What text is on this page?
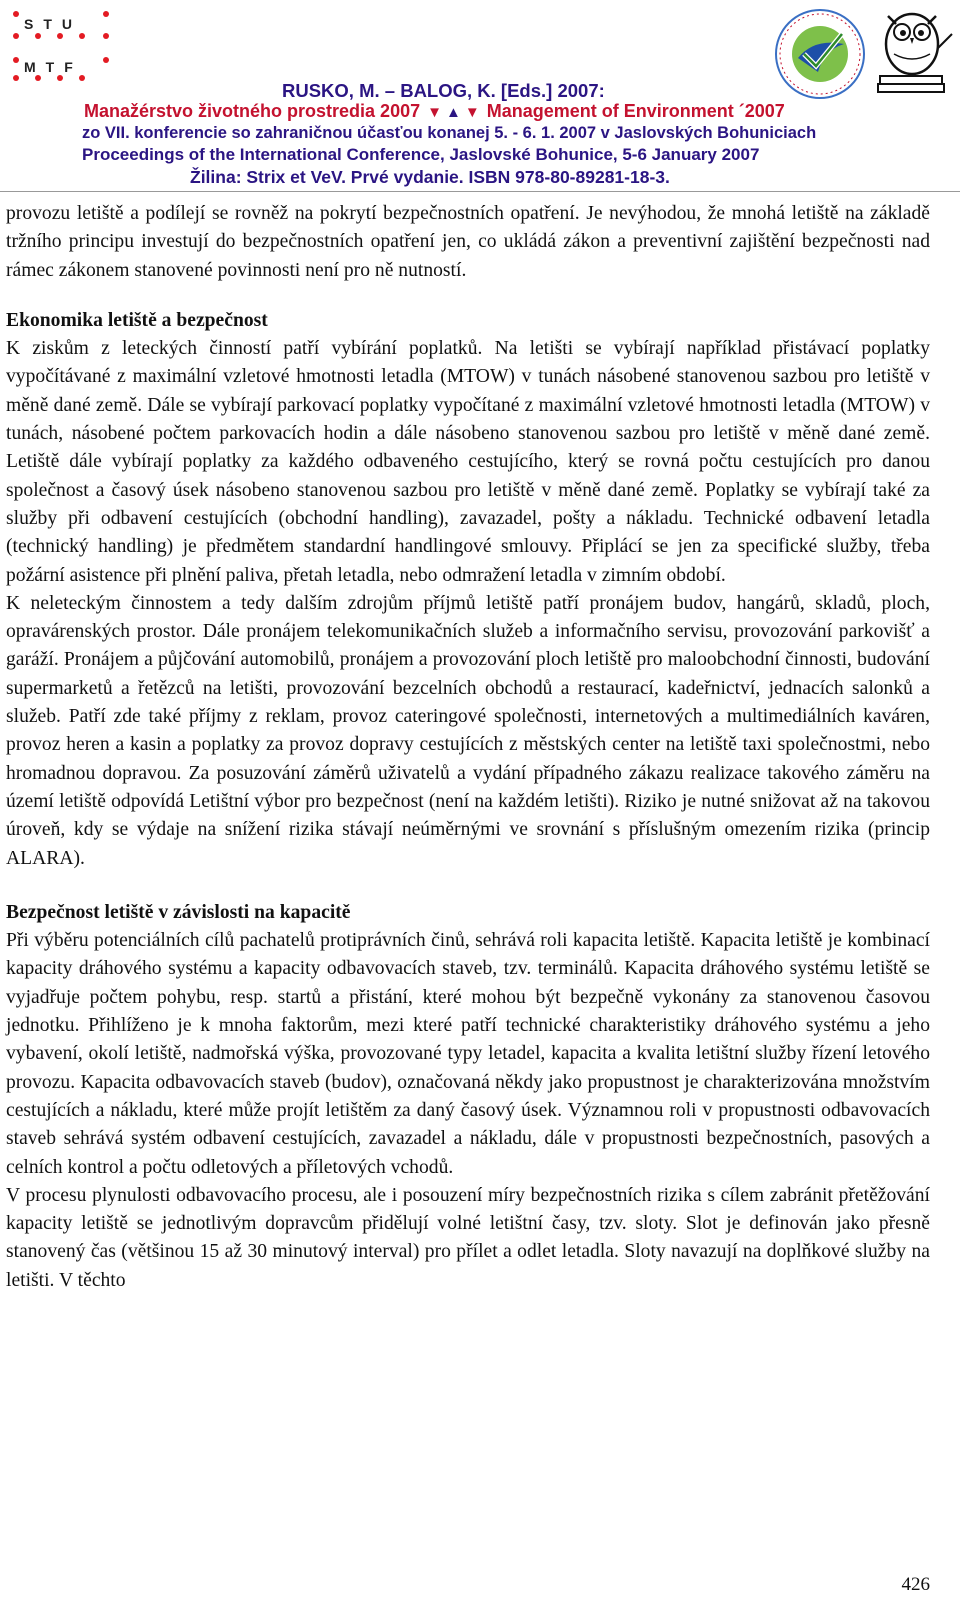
STU
MTF
RUSKO, M. – BALOG, K. [Eds.] 2007:
Manažérstvo životného prostredia 2007 ▼ ▲ ▼ Management of Environment ´2007
zo VII. konferencie so zahraničnou účasťou konanej 5. - 6. 1. 2007 v Jaslovských Bohuniciach
Proceedings of the International Conference, Jaslovské Bohunice, 5-6 January 2007
Žilina: Strix et VeV. Prvé vydanie. ISBN 978-80-89281-18-3.

provozu letiště a podílejí se rovněž na pokrytí bezpečnostních opatření. Je nevýhodou, že mnohá letiště na základě tržního principu investují do bezpečnostních opatření jen, co ukládá zákon a preventivní zajištění bezpečnosti nad rámec zákonem stanovené povinnosti není pro ně nutností.

Ekonomika letiště a bezpečnost

K ziskům z leteckých činností patří vybírání poplatků. Na letišti se vybírají například přistávací poplatky vypočítávané z maximální vzletové hmotnosti letadla (MTOW) v tunách násobené stanovenou sazbou pro letiště v měně dané země. Dále se vybírají parkovací poplatky vypočítané z maximální vzletové hmotnosti letadla (MTOW) v tunách, násobené počtem parkovacích hodin a dále násobeno stanovenou sazbou pro letiště v měně dané země. Letiště dále vybírají poplatky za každého odbaveného cestujícího, který se rovná počtu cestujících pro danou společnost a časový úsek násobeno stanovenou sazbou pro letiště v měně dané země. Poplatky se vybírají také za služby při odbavení cestujících (obchodní handling), zavazadel, pošty a nákladu. Technické odbavení letadla (technický handling) je předmětem standardní handlingové smlouvy. Připlácí se jen za specifické služby, třeba požární asistence při plnění paliva, přetah letadla, nebo odmražení letadla v zimním období.

K neleteckým činnostem a tedy dalším zdrojům příjmů letiště patří pronájem budov, hangárů, skladů, ploch, opravárenských prostor. Dále pronájem telekomunikačních služeb a informačního servisu, provozování parkovišť a garáží. Pronájem a půjčování automobilů, pronájem a provozování ploch letiště pro maloobchodní činnosti, budování supermarketů a řetězců na letišti, provozování bezcelních obchodů a restaurací, kadeřnictví, jednacích salonků a služeb. Patří zde také příjmy z reklam, provoz cateringové společnosti, internetových a multimediálních kaváren, provoz heren a kasin a poplatky za provoz dopravy cestujících z městských center na letiště taxi společnostmi, nebo hromadnou dopravou. Za posuzování záměrů uživatelů a vydání případného zákazu realizace takového záměru na území letiště odpovídá Letištní výbor pro bezpečnost (není na každém letišti). Riziko je nutné snižovat až na takovou úroveň, kdy se výdaje na snížení rizika stávají neúměrnými ve srovnání s příslušným omezením rizika (princip ALARA).

Bezpečnost letiště v závislosti na kapacitě

Při výběru potenciálních cílů pachatelů protiprávních činů, sehrává roli kapacita letiště. Kapacita letiště je kombinací kapacity dráhového systému a kapacity odbavovacích staveb, tzv. terminálů. Kapacita dráhového systému letiště se vyjadřuje počtem pohybu, resp. startů a přistání, které mohou být bezpečně vykonány za stanovenou časovou jednotku. Přihlíženo je k mnoha faktorům, mezi které patří technické charakteristiky dráhového systému a jeho vybavení, okolí letiště, nadmořská výška, provozované typy letadel, kapacita a kvalita letištní služby řízení letového provozu. Kapacita odbavovacích staveb (budov), označovaná někdy jako propustnost je charakterizována množstvím cestujících a nákladu, které může projít letištěm za daný časový úsek. Významnou roli v propustnosti odbavovacích staveb sehrává systém odbavení cestujících, zavazadel a nákladu, dále v propustnosti bezpečnostních, pasových a celních kontrol a počtu odletových a příletových vchodů.

V procesu plynulosti odbavovacího procesu, ale i posouzení míry bezpečnostních rizika s cílem zabránit přetěžování kapacity letiště se jednotlivým dopravcům přidělují volné letištní časy, tzv. sloty. Slot je definován jako přesně stanovený čas (většinou 15 až 30 minutový interval) pro přílet a odlet letadla. Sloty navazují na doplňkové služby na letišti. V těchto

426
